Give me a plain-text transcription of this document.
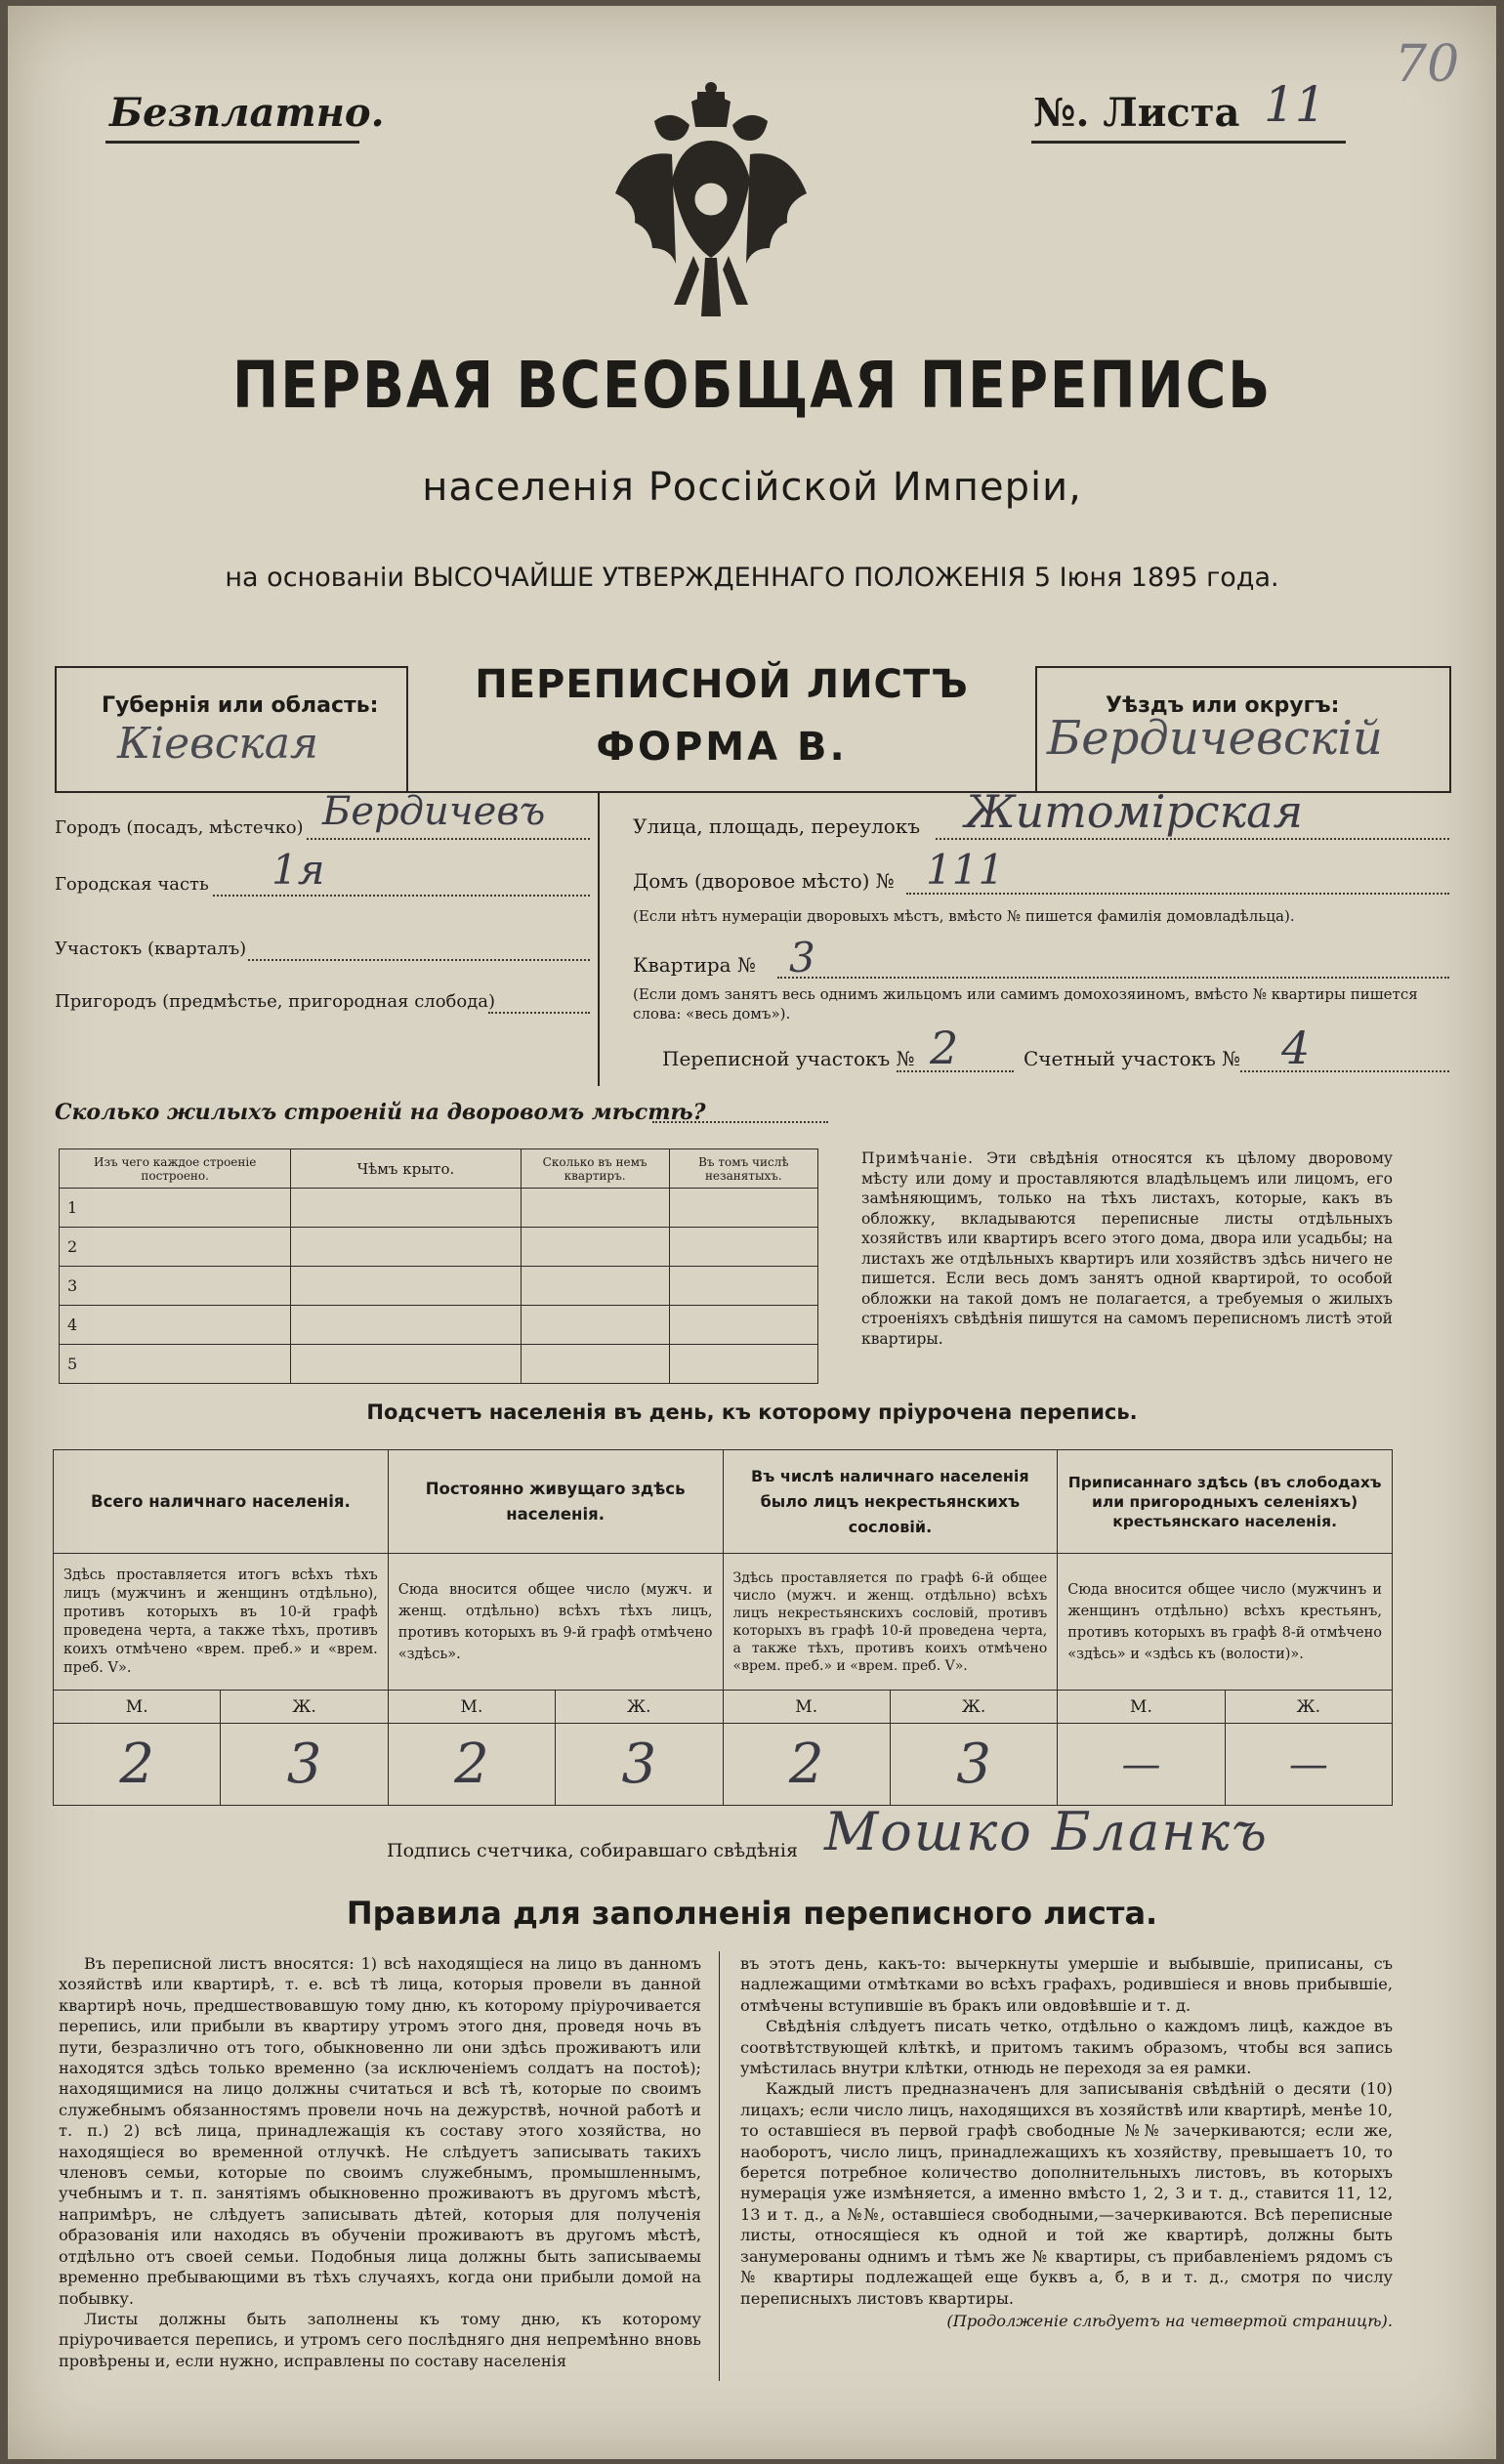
70
Безплатно.	№. Листа 11
ПЕРВАЯ ВСЕОБЩАЯ ПЕРЕПИСЬ
населенія Россійской Имперіи,
на основаніи ВЫСОЧАЙШЕ УТВЕРЖДЕННАГО ПОЛОЖЕНІЯ 5 Іюня 1895 года.
Губернія или область:
Кіевская
ПЕРЕПИСНОЙ ЛИСТЪ
ФОРМА В.
Уѣздъ или округъ:
Бердичевскій
Городъ (посадъ, мѣстечко) Бердичевъ
Городская часть 1я
Участокъ (кварталъ)
Пригородъ (предмѣстье, пригородная слобода)
Улица, площадь, переулокъ Житомірская
Домъ (дворовое мѣсто) № 111
(Если нѣтъ нумераціи дворовыхъ мѣстъ, вмѣсто № пишется фамилія домовладѣльца).
Квартира № 3
(Если домъ занятъ весь однимъ жильцомъ или самимъ домохозяиномъ, вмѣсто № квартиры пишется слова: «весь домъ»).
Переписной участокъ № 2	Счетный участокъ № 4
Сколько жилыхъ строеній на дворовомъ мѣстѣ?
Изъ чего каждое строеніе построено.	Чѣмъ крыто.	Сколько въ немъ квартиръ.	Въ томъ числѣ незанятыхъ.
1			
2			
3			
4			
5			
Примѣчаніе. Эти свѣдѣнія относятся къ цѣлому дворовому мѣсту или дому и проставляются владѣльцемъ или лицомъ, его замѣняющимъ, только на тѣхъ листахъ, которые, какъ въ обложку, вкладываются переписные листы отдѣльныхъ хозяйствъ или квартиръ всего этого дома, двора или усадьбы; на листахъ же отдѣльныхъ квартиръ или хозяйствъ здѣсь ничего не пишется. Если весь домъ занятъ одной квартирой, то особой обложки на такой домъ не полагается, а требуемыя о жилыхъ строеніяхъ свѣдѣнія пишутся на самомъ переписномъ листѣ этой квартиры.
Подсчетъ населенія въ день, къ которому пріурочена перепись.
Всего наличнаго населенія.		Постоянно живущаго здѣсь населенія.		Въ числѣ наличнаго населенія было лицъ некрестьянскихъ сословій.		Приписаннаго здѣсь (въ слободахъ или пригородныхъ селеніяхъ) крестьянскаго населенія.	
Здѣсь проставляется итогъ всѣхъ тѣхъ лицъ (мужчинъ и женщинъ отдѣльно), противъ которыхъ въ 10-й графѣ проведена черта, а также тѣхъ, противъ коихъ отмѣчено «врем. преб.» и «врем. преб. V».		Сюда вносится общее число (мужч. и женщ. отдѣльно) всѣхъ тѣхъ лицъ, противъ которыхъ въ 9-й графѣ отмѣчено «здѣсь».		Здѣсь проставляется по графѣ 6-й общее число (мужч. и женщ. отдѣльно) всѣхъ лицъ некрестьянскихъ сословій, противъ которыхъ въ графѣ 10-й проведена черта, а также тѣхъ, противъ коихъ отмѣчено «врем. преб.» и «врем. преб. V».		Сюда вносится общее число (мужчинъ и женщинъ отдѣльно) всѣхъ крестьянъ, противъ которыхъ въ графѣ 8-й отмѣчено «здѣсь» и «здѣсь къ (волости)».	
М.	Ж.	М.	Ж.	М.	Ж.	М.	Ж.
2	3	2	3	2	3	—	—
Подпись счетчика, собиравшаго свѣдѣнія Мошко Бланкъ
Правила для заполненія переписного листа.
Въ переписной листъ вносятся: 1) всѣ находящіеся на лицо въ данномъ хозяйствѣ или квартирѣ, т. е. всѣ тѣ лица, которыя провели въ данной квартирѣ ночь, предшествовавшую тому дню, къ которому пріурочивается перепись, или прибыли въ квартиру утромъ этого дня, проведя ночь въ пути, безразлично отъ того, обыкновенно ли они здѣсь проживаютъ или находятся здѣсь только временно (за исключеніемъ солдатъ на постоѣ); находящимися на лицо должны считаться и всѣ тѣ, которые по своимъ служебнымъ обязанностямъ провели ночь на дежурствѣ, ночной работѣ и т. п.) 2) всѣ лица, принадлежащія къ составу этого хозяйства, но находящіеся во временной отлучкѣ. Не слѣдуетъ записывать такихъ членовъ семьи, которые по своимъ служебнымъ, промышленнымъ, учебнымъ и т. п. занятіямъ обыкновенно проживаютъ въ другомъ мѣстѣ, напримѣръ, не слѣдуетъ записывать дѣтей, которыя для полученія образованія или находясь въ обученіи проживаютъ въ другомъ мѣстѣ, отдѣльно отъ своей семьи. Подобныя лица должны быть записываемы временно пребывающими въ тѣхъ случаяхъ, когда они прибыли домой на побывку.
Листы должны быть заполнены къ тому дню, къ которому пріурочивается перепись, и утромъ сего послѣдняго дня непремѣнно вновь провѣрены и, если нужно, исправлены по составу населенія
въ этотъ день, какъ-то: вычеркнуты умершіе и выбывшіе, приписаны, съ надлежащими отмѣтками во всѣхъ графахъ, родившіеся и вновь прибывшіе, отмѣчены вступившіе въ бракъ или овдовѣвшіе и т. д.
Свѣдѣнія слѣдуетъ писать четко, отдѣльно о каждомъ лицѣ, каждое въ соотвѣтствующей клѣткѣ, и притомъ такимъ образомъ, чтобы вся запись умѣстилась внутри клѣтки, отнюдь не переходя за ея рамки.
Каждый листъ предназначенъ для записыванія свѣдѣній о десяти (10) лицахъ; если число лицъ, находящихся въ хозяйствѣ или квартирѣ, менѣе 10, то оставшіеся въ первой графѣ свободные №№ зачеркиваются; если же, наоборотъ, число лицъ, принадлежащихъ къ хозяйству, превышаетъ 10, то берется потребное количество дополнительныхъ листовъ, въ которыхъ нумерація уже измѣняется, а именно вмѣсто 1, 2, 3 и т. д., ставится 11, 12, 13 и т. д., а №№, оставшіеся свободными,—зачеркиваются. Всѣ переписные листы, относящіеся къ одной и той же квартирѣ, должны быть занумерованы однимъ и тѣмъ же № квартиры, съ прибавленіемъ рядомъ съ № квартиры подлежащей еще буквъ а, б, в и т. д., смотря по числу переписныхъ листовъ квартиры.
(Продолженіе слѣдуетъ на четвертой страницѣ).
